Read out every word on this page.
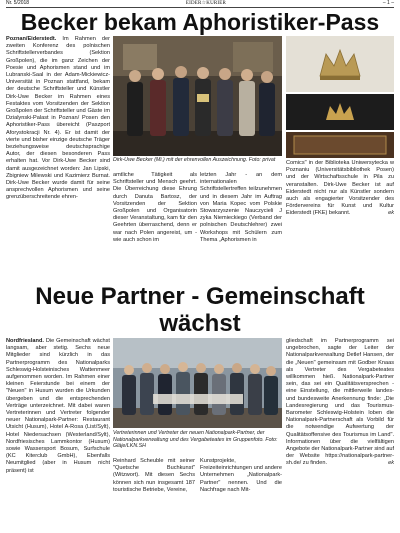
Nr. 5/2018	EIDER☆KURIER	– 1 –
Becker bekam Aphoristiker-Pass
Poznan/Eiderstedt. Im Rahmen der zweiten Konferenz des polnischen Schriftstellerverbandes (Sektion Großpolen), die im ganz Zeichen der Poesie und Aphorismen stand und im Lubranski-Saal in der Adam-Mickiewicz-Universität in Poznan stattfand, bekam der deutsche Schriftsteller und Künstler Dirk-Uwe Becker im Rahmen eines Festaktes vom Vorsitzenden der Sektion Großpolen der Schriftsteller und Gäste im Dzialynski-Palast in Poznan/ Posen den Aphoristiker-Pass übereicht (Paszport Aforystokracji Nr. 4). Er ist damit der vierte und bisher einzige deutsche Träger beziehungsweise deutschsprachige Autor, der diesen besonderen Pass erhalten hat. Vor Dirk-Uwe Becker sind damit ausgezeichnet worden: Jan Lipski, Zbigniew Milewski und Kazimierz Burnat. Dirk-Uwe Becker wurde damit für seine ansprechvollen Aphorismen und seine grenzüberschreitende ehren-
Dirk-Uwe Becker (Mi.) mit der ehrenvollen Auszeichnung. Foto: privat
amtliche Tätigkeit als Schriftsteller und Mensch geehrt. Die Überreichung diese Ehrung durch Danuta Bartosz, der Vorsitzenden der Sektion Großpolen und Organisatorin dieser Veranstaltung, kam für den Geehrten überraschend, denn er war nach Polen angereist, um - wie auch schon im
letzten Jahr - an dem internationalen Schriftstellertreffen teilzunehmen und in diesem Jahr im Auftrag von Maria Kopec vom Polskie Stowarzyszenie Nauczycieli J zyka Niemieckiego (Verband der polnischen Deutschlehrer) zwei Workshops mit Schülern zum Thema „Aphorismen in
Comics" in der Biblioteka Uniwersytecka w Poznaniu (Universitätsbibliothek Posen) und der Wirtschaftsschule in Pila zu veranstalten. Dirk-Uwe Becker ist auf Eiderstedt nicht nur als Künstler sondern auch als engagierter Vorsitzender des Fördervereins für Kunst und Kultur Eiderstedt (FKE) bekannt.	ek
Neue Partner - Gemeinschaft
wächst
Nordfriesland. Die Gemeinschaft wächst langsam, aber stetig. Sechs neue Mitglieder sind kürzlich in das Partnerprogramm des Nationalparks Schleswig-Holsteinisches Wattenmeer aufgenommen worden. Im Rahmen einer kleinen Feierstunde bei einem der "Neuen" in Husum wurden die Urkunden übergeben und die entsprechenden Verträge unterzeichnet. Mit dabei waren Vertreterinnen und Vertreter folgender neuer Nationalpark-Partner: Restaurant Utsicht (Husum), Hotel A-Rosa (List/Sylt), Hotel Niedersachsen (Westerland/Sylt), Nordfriesisches Lammkontor (Husum) sowie Wassersport Bosum, Surfschule (KC Kiterclub GmbH), Ebenfalls Neumitglied (aber in Husum nicht präsent) ist
Vertreterinnen und Vertreter der neuen Nationalpark-Partner, der Nationalparkverwaltung und des Vergabeteates im Gruppenfoto. Foto: Gläje/LKN.SH
Reinhard Scheuble mit seiner "Quetsche Buchkunst" (Witzwort). Mit diesen Sechs können sich nun insgesamt 187 touristische Betriebe, Vereine,
Kunstprojekte, Freizeiteinrichtungen und andere Unternehmen „Nationalpark-Partner" nennen. Und die Nachfrage nach Mit-
gliedschaft im Partnerprogramm sei ungebrochen, sagte der Leiter der Nationalparkverwaltung Detlef Hansen, der die „Neuen" gemeinsam mit Godber Knaas als Vertreter des Vergabeteates willkommen hieß. Nationalpark-Partner sein, das sei ein Qualitätsversprechen - eine Einstellung, die mittlerweile landes- und bundesweite Anerkennung finde: „Die Landesregierung und das Tourismus-Barometer Schleswig-Holstein loben die Nationalpark-Partnerschaft als Vorbild für die notwendige Aufwertung der Qualitätsoffensive des Tourismus im Land". Informationen über die vielfältigen Angebote der Nationalpark-Partner sind auf der Website https://nationalpark-partner-sh.de/ zu finden.	ek
